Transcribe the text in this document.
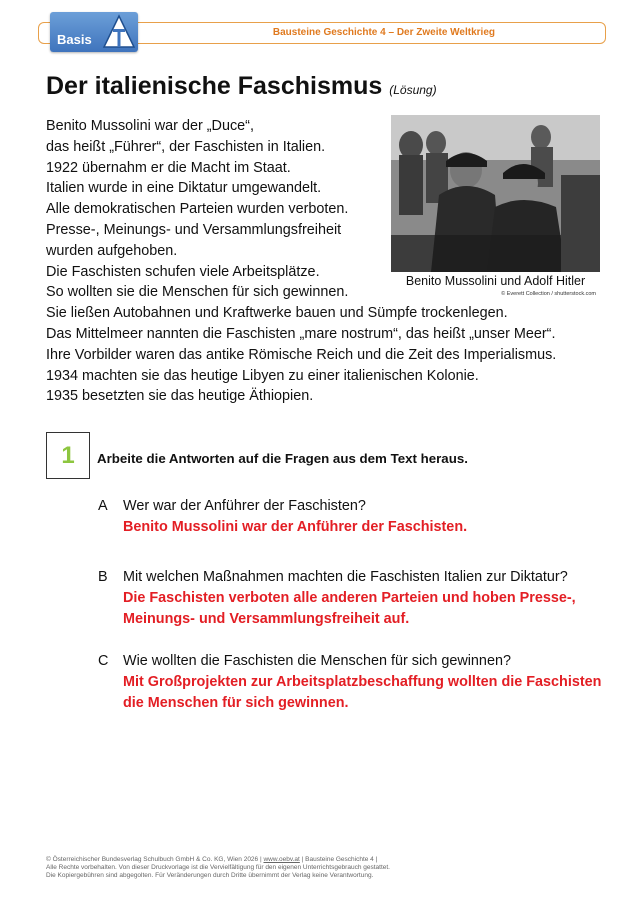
Bausteine Geschichte 4 – Der Zweite Weltkrieg
Basis
Der italienische Faschismus (Lösung)
Benito Mussolini war der „Duce“,
das heißt „Führer“, der Faschisten in Italien.
1922 übernahm er die Macht im Staat.
Italien wurde in eine Diktatur umgewandelt.
Alle demokratischen Parteien wurden verboten.
Presse-, Meinungs- und Versammlungsfreiheit
wurden aufgehoben.
Die Faschisten schufen viele Arbeitsplätze.
So wollten sie die Menschen für sich gewinnen.
Sie ließen Autobahnen und Kraftwerke bauen und Sümpfe trockenlegen.
Das Mittelmeer nannten die Faschisten „mare nostrum“, das heißt „unser Meer“.
Ihre Vorbilder waren das antike Römische Reich und die Zeit des Imperialismus.
1934 machten sie das heutige Libyen zu einer italienischen Kolonie.
1935 besetzten sie das heutige Äthiopien.
Benito Mussolini und Adolf Hitler
© Everett Collection / shutterstock.com
1 Arbeite die Antworten auf die Fragen aus dem Text heraus.
A Wer war der Anführer der Faschisten?
Benito Mussolini war der Anführer der Faschisten.
B Mit welchen Maßnahmen machten die Faschisten Italien zur Diktatur?
Die Faschisten verboten alle anderen Parteien und hoben Presse-,
Meinungs- und Versammlungsfreiheit auf.
C Wie wollten die Faschisten die Menschen für sich gewinnen?
Mit Großprojekten zur Arbeitsplatzbeschaffung wollten die Faschisten
die Menschen für sich gewinnen.
© Österreichischer Bundesverlag Schulbuch GmbH & Co. KG, Wien 2026 | www.oebv.at | Bausteine Geschichte 4 |
Alle Rechte vorbehalten. Von dieser Druckvorlage ist die Vervielfältigung für den eigenen Unterrichtsgebrauch gestattet.
Die Kopiergebühren sind abgegolten. Für Veränderungen durch Dritte übernimmt der Verlag keine Verantwortung.
